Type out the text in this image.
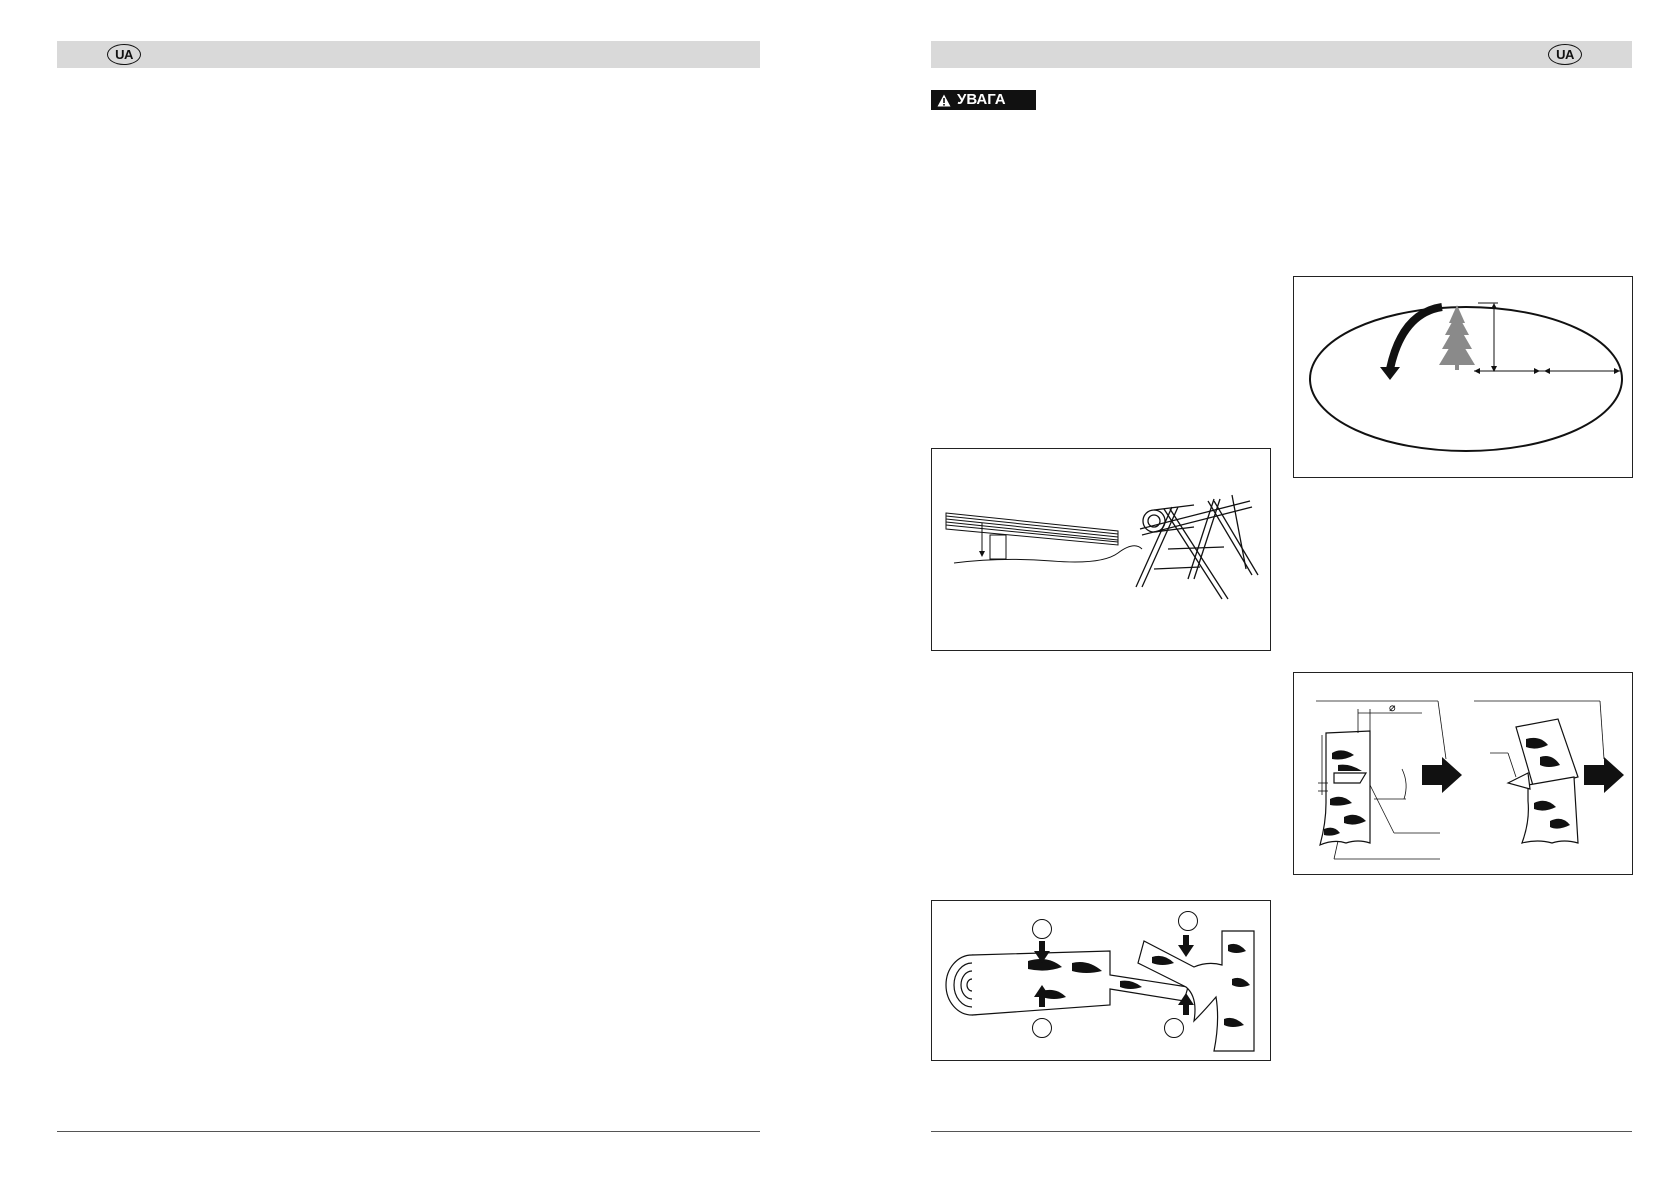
UA	UA
УВАГА
⌀
